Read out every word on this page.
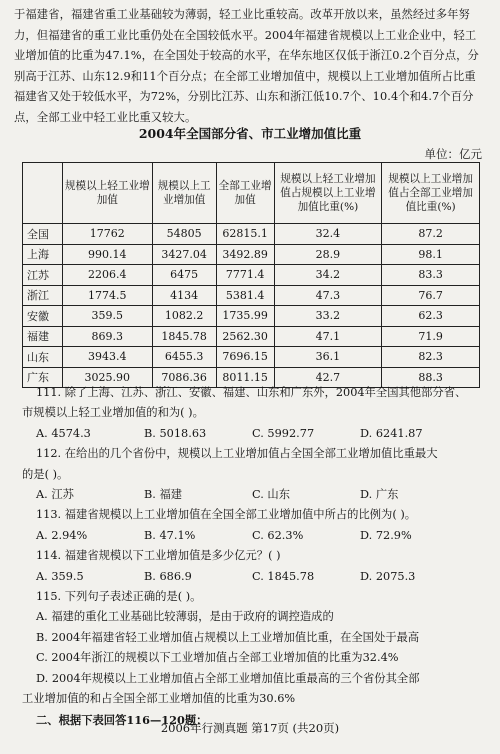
于福建省，福建省重工业基础较为薄弱，轻工业比重较高。改革开放以来，虽然经过多年努力，但福建省的重工业比重仍处在全国较低水平。2004年福建省规模以上工业企业中，轻工业增加值的比重为47.1%，在全国处于较高的水平，在华东地区仅低于浙江0.2个百分点，分别高于江苏、山东12.9和11个百分点；在全部工业增加值中，规模以上工业增加值所占比重福建省又处于较低水平，为72%，分别比江苏、山东和浙江低10.7个、10.4个和4.7个百分点，全部工业中轻工业比重又较大。

2004年全国部分省、市工业增加值比重
单位：亿元
	规模以上轻工业增加值	规模以上工业增加值	全部工业增加值	规模以上轻工业增加值占规模以上工业增加值比重(%)	规模以上工业增加值占全部工业增加值比重(%)
全国	17762	54805	62815.1	32.4	87.2
上海	990.14	3427.04	3492.89	28.9	98.1
江苏	2206.4	6475	7771.4	34.2	83.3
浙江	1774.5	4134	5381.4	47.3	76.7
安徽	359.5	1082.2	1735.99	33.2	62.3
福建	869.3	1845.78	2562.30	47.1	71.9
山东	3943.4	6455.3	7696.15	36.1	82.3
广东	3025.90	7086.36	8011.15	42.7	88.3

111. 除了上海、江苏、浙江、安徽、福建、山东和广东外，2004年全国其他部分省、

市规模以上轻工业增加值的和为( )。

A. 4574.3	B. 5018.63	C. 5992.77	D. 6241.87

112. 在给出的几个省份中，规模以上工业增加值占全国全部工业增加值比重最大

的是( )。

A. 江苏	B. 福建	C. 山东	D. 广东

113. 福建省规模以上工业增加值在全国全部工业增加值中所占的比例为( )。

A. 2.94%	B. 47.1%	C. 62.3%	D. 72.9%

114. 福建省规模以下工业增加值是多少亿元？( )

A. 359.5	B. 686.9	C. 1845.78	D. 2075.3

115. 下列句子表述正确的是( )。

A. 福建的重化工业基础比较薄弱，是由于政府的调控造成的

B. 2004年福建省轻工业增加值占规模以上工业增加值比重，在全国处于最高

C. 2004年浙江的规模以下工业增加值占全部工业增加值的比重为32.4%

D. 2004年规模以上工业增加值占全部工业增加值比重最高的三个省份其全部

工业增加值的和占全国全部工业增加值的比重为30.6%

二、根据下表回答116—120题：

2006年行测真题 第17页 (共20页)
